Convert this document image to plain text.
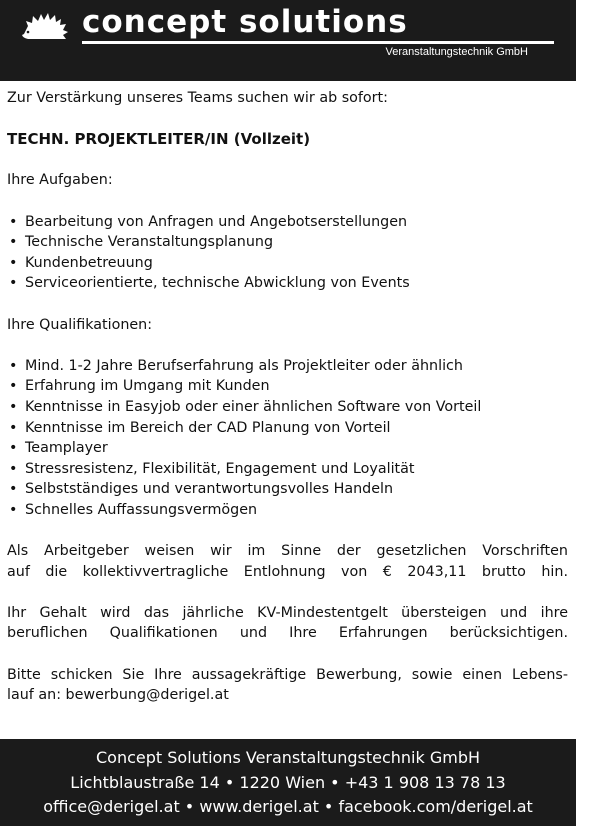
concept solutions
Veranstaltungstechnik GmbH

Zur Verstärkung unseres Teams suchen wir ab sofort:

TECHN. PROJEKTLEITER/IN (Vollzeit)

Ihre Aufgaben:

• Bearbeitung von Anfragen und Angebotserstellungen
• Technische Veranstaltungsplanung
• Kundenbetreuung
• Serviceorientierte, technische Abwicklung von Events

Ihre Qualifikationen:

• Mind. 1-2 Jahre Berufserfahrung als Projektleiter oder ähnlich
• Erfahrung im Umgang mit Kunden
• Kenntnisse in Easyjob oder einer ähnlichen Software von Vorteil
• Kenntnisse im Bereich der CAD Planung von Vorteil
• Teamplayer
• Stressresistenz, Flexibilität, Engagement und Loyalität
• Selbstständiges und verantwortungsvolles Handeln
• Schnelles Auffassungsvermögen

Als Arbeitgeber weisen wir im Sinne der gesetzlichen Vorschriften

auf die kollektivvertragliche Entlohnung von € 2043,11 brutto hin.

Ihr Gehalt wird das jährliche KV-Mindestentgelt übersteigen und ihre

beruflichen Qualifikationen und Ihre Erfahrungen berücksichtigen.

Bitte schicken Sie Ihre aussagekräftige Bewerbung, sowie einen Lebens-

lauf an: bewerbung@derigel.at

Concept Solutions Veranstaltungstechnik GmbH
Lichtblaustraße 14 • 1220 Wien • +43 1 908 13 78 13
office@derigel.at • www.derigel.at • facebook.com/derigel.at
